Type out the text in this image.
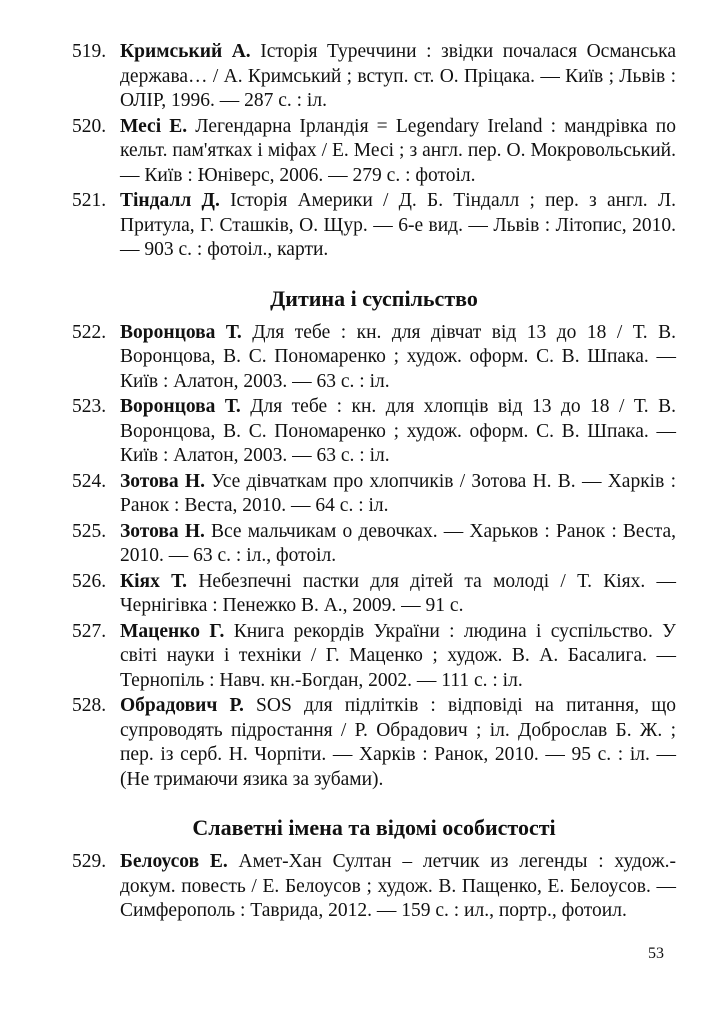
519. Кримський А. Історія Туреччини : звідки почалася Османська держава… / А. Кримський ; вступ. ст. О. Пріцака. — Київ ; Львів : ОЛІР, 1996. — 287 с. : іл.
520. Месі Е. Легендарна Ірландія = Legendary Ireland : мандрівка по кельт. пам'ятках і міфах / Е. Месі ; з англ. пер. О. Мокровольський. — Київ : Юніверс, 2006. — 279 с. : фотоіл.
521. Тіндалл Д. Історія Америки / Д. Б. Тіндалл ; пер. з англ. Л. Притула, Г. Сташків, О. Щур. — 6-е вид. — Львів : Літопис, 2010. — 903 с. : фотоіл., карти.
Дитина і суспільство
522. Воронцова Т. Для тебе : кн. для дівчат від 13 до 18 / Т. В. Воронцова, В. С. Пономаренко ; худож. оформ. С. В. Шпака. — Київ : Алатон, 2003. — 63 с. : іл.
523. Воронцова Т. Для тебе : кн. для хлопців від 13 до 18 / Т. В. Воронцова, В. С. Пономаренко ; худож. оформ. С. В. Шпака. — Київ : Алатон, 2003. — 63 с. : іл.
524. Зотова Н. Усе дівчаткам про хлопчиків / Зотова Н. В. — Харків : Ранок : Веста, 2010. — 64 с. : іл.
525. Зотова Н. Все мальчикам о девочках. — Харьков : Ранок : Веста, 2010. — 63 с. : іл., фотоіл.
526. Кіях Т. Небезпечні пастки для дітей та молоді / Т. Кіях. — Чернігівка : Пенежко В. А., 2009. — 91 с.
527. Маценко Г. Книга рекордів України : людина і суспільство. У світі науки і техніки / Г. Маценко ; худож. В. А. Басалига. — Тернопіль : Навч. кн.-Богдан, 2002. — 111 с. : іл.
528. Обрадович Р. SOS для підлітків : відповіді на питання, що супроводять підростання / Р. Обрадович ; іл. Доброслав Б. Ж. ; пер. із серб. Н. Чорпіти. — Харків : Ранок, 2010. — 95 с. : іл. — (Не тримаючи язика за зубами).
Славетні імена та відомі особистості
529. Белоусов Е. Амет-Хан Султан – летчик из легенды : худож.-докум. повесть / Е. Белоусов ; худож. В. Пащенко, Е. Белоусов. — Симферополь : Таврида, 2012. — 159 с. : ил., портр., фотоил.
53
